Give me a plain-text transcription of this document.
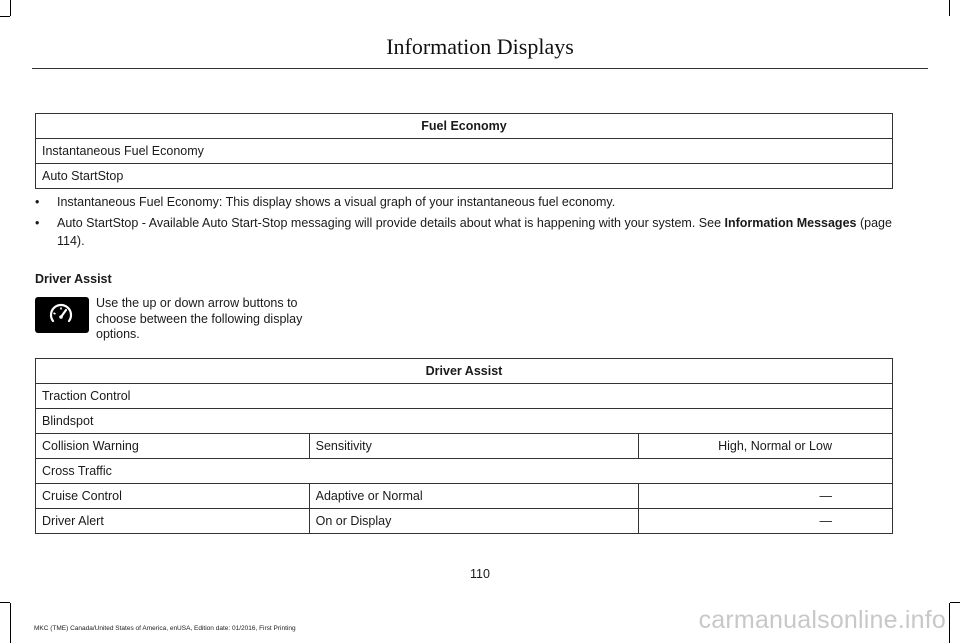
Information Displays
Fuel Economy
Instantaneous Fuel Economy
Auto StartStop
• Instantaneous Fuel Economy: This display shows a visual graph of your instantaneous fuel economy.
• Auto StartStop - Available Auto Start-Stop messaging will provide details about what is happening with your system. See Information Messages (page 114).
Driver Assist

Use the up or down arrow buttons to choose between the following display options.

Driver Assist		
Traction Control		
Blindspot		
Collision Warning	Sensitivity	High, Normal or Low
Cross Traffic		
Cruise Control	Adaptive or Normal	—
Driver Alert	On or Display	—
110
MKC (TME) Canada/United States of America, enUSA, Edition date: 01/2016, First Printing	carmanualsonline.info
